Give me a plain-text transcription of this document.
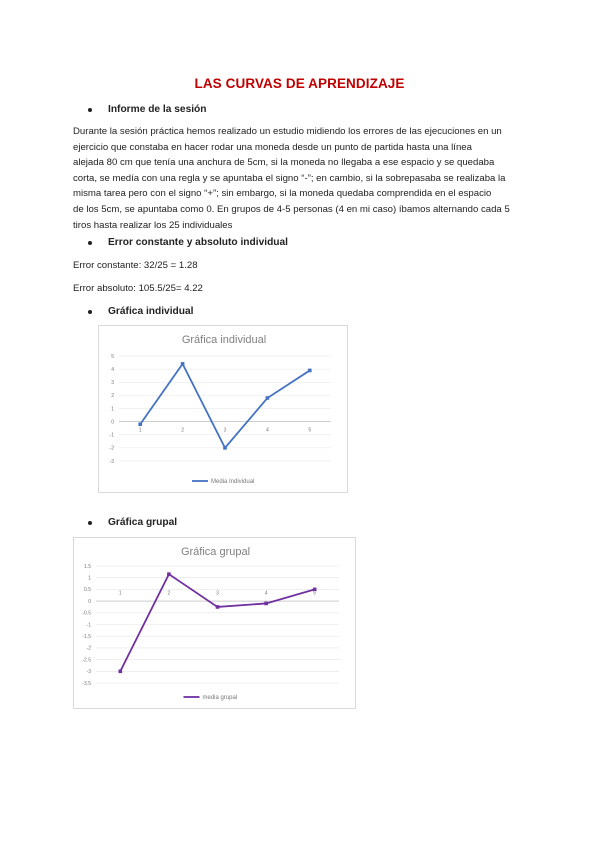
LAS CURVAS DE APRENDIZAJE
Informe de la sesión
Durante la sesión práctica hemos realizado un estudio midiendo los errores de las ejecuciones en un
ejercicio que constaba en hacer rodar una moneda desde un punto de partida hasta una línea
alejada 80 cm que tenía una anchura de 5cm, si la moneda no llegaba a ese espacio y se quedaba
corta, se medía con una regla y se apuntaba el signo “-”; en cambio, si la sobrepasaba se realizaba la
misma tarea pero con el signo “+”; sin embargo, si la moneda quedaba comprendida en el espacio
de los 5cm, se apuntaba como 0. En grupos de 4-5 personas (4 en mi caso) íbamos alternando cada 5
tiros hasta realizar los 25 individuales
Error constante y absoluto individual
Error constante: 32/25 = 1.28
Error absoluto: 105.5/25= 4.22
Gráfica individual
Gráfica individual
5
4
3
2
1
0
-1
-2
-3
1	2	3	4	5
Media Individual
Gráfica grupal
Gráfica grupal
1.5
1
0.5
0
-0.5
-1
-1.5
-2
-2.5
-3
-3.5
1	2	3	4	5
media grupal
